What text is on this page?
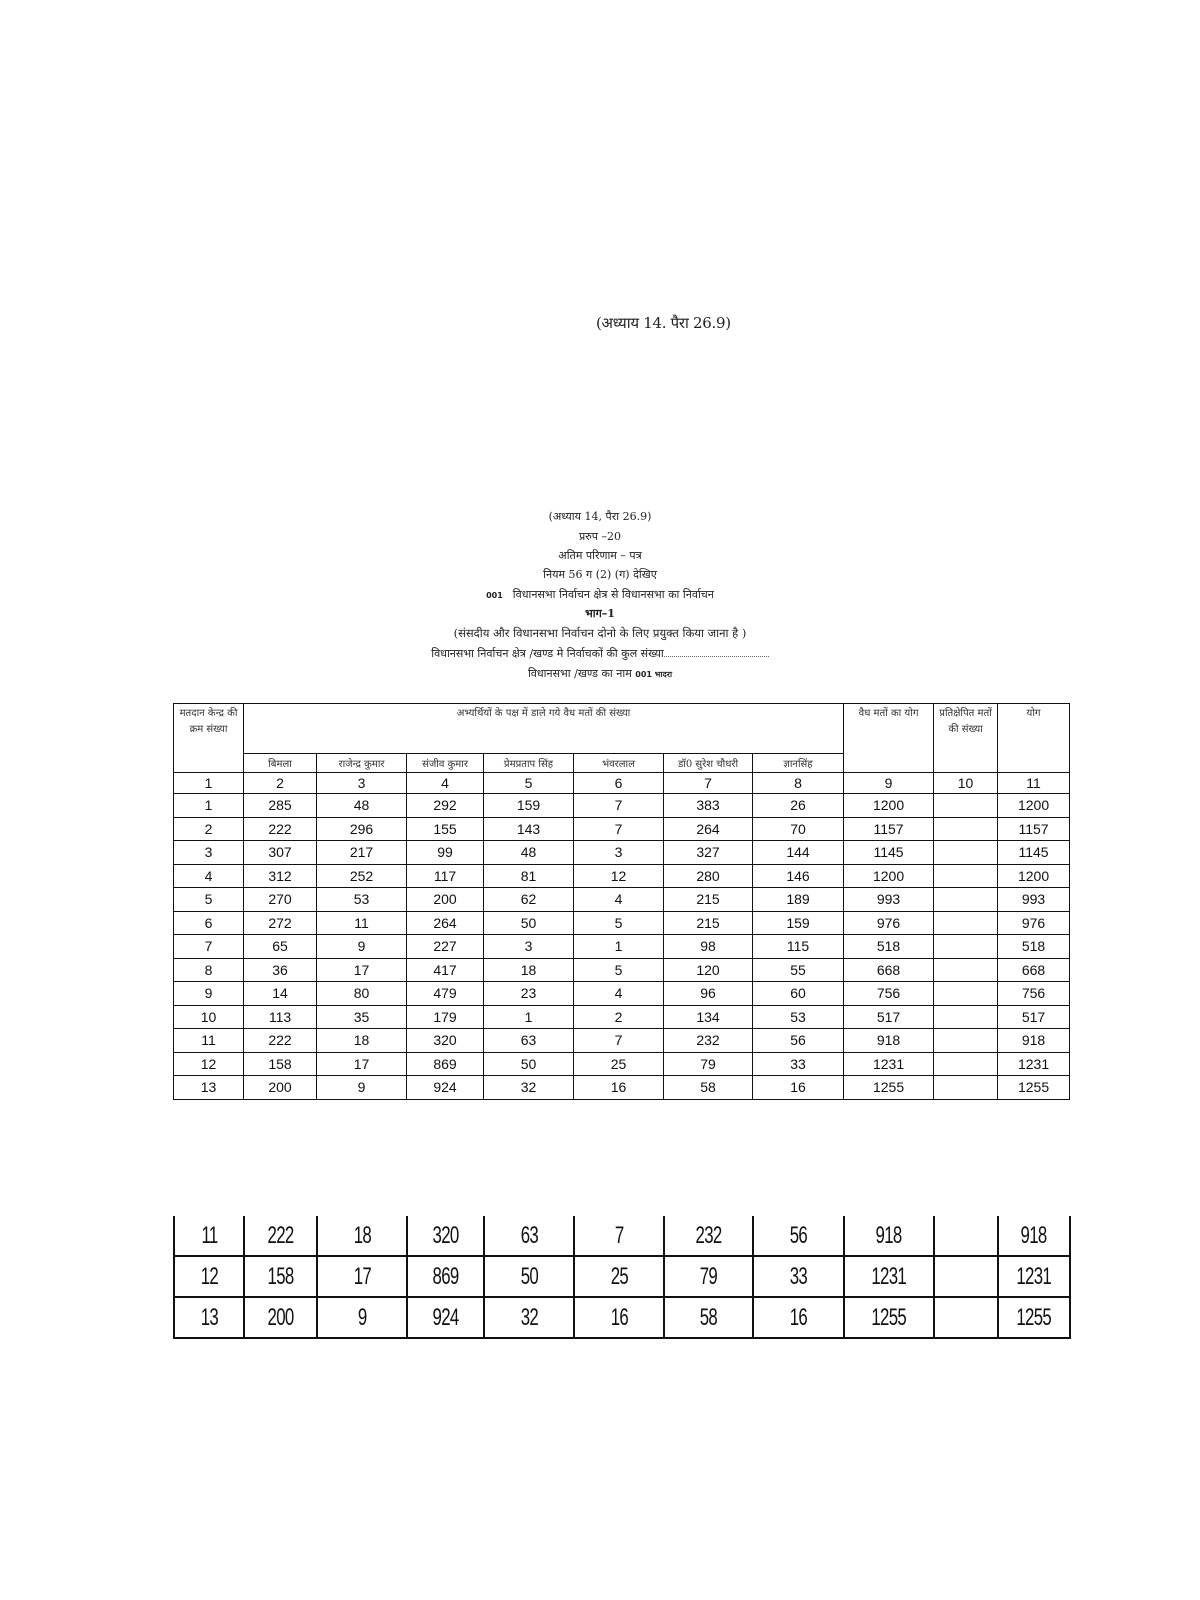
(अध्याय 14. पैरा 26.9)
(अध्याय 14, पैरा 26.9)
प्ररुप –20
अतिम परिणाम – पत्र
नियम 56 ग (2) (ग) देखिए
001 विधानसभा निर्वाचन क्षेत्र से विधानसभा का निर्वाचन
भाग–1
(संसदीय और विधानसभा निर्वाचन दोनो के लिए प्रयुक्त किया जाना है )
विधानसभा निर्वाचन क्षेत्र /खण्ड मे निर्वाचकों की कुल संख्या
विधानसभा /खण्ड का नाम 001 भादरा
मतदान केन्द्र की क्रम संख्या	अभ्यर्थियों के पक्ष में डाले गये वैध मतों की संख्या							वैध मतों का योग	प्रतिक्षेपित मतों की संख्या	योग
	बिमला	राजेन्द्र कुमार	संजीव कुमार	प्रेमप्रताप सिंह	भंवरलाल	डॉ0 सुरेश चौधरी	ज्ञानसिंह			
1	2	3	4	5	6	7	8	9	10	11
1	285	48	292	159	7	383	26	1200		1200
2	222	296	155	143	7	264	70	1157		1157
3	307	217	99	48	3	327	144	1145		1145
4	312	252	117	81	12	280	146	1200		1200
5	270	53	200	62	4	215	189	993		993
6	272	11	264	50	5	215	159	976		976
7	65	9	227	3	1	98	115	518		518
8	36	17	417	18	5	120	55	668		668
9	14	80	479	23	4	96	60	756		756
10	113	35	179	1	2	134	53	517		517
11	222	18	320	63	7	232	56	918		918
12	158	17	869	50	25	79	33	1231		1231
13	200	9	924	32	16	58	16	1255		1255
11	222	18	320	63	7	232	56	918		918
12	158	17	869	50	25	79	33	1231		1231
13	200	9	924	32	16	58	16	1255		1255
